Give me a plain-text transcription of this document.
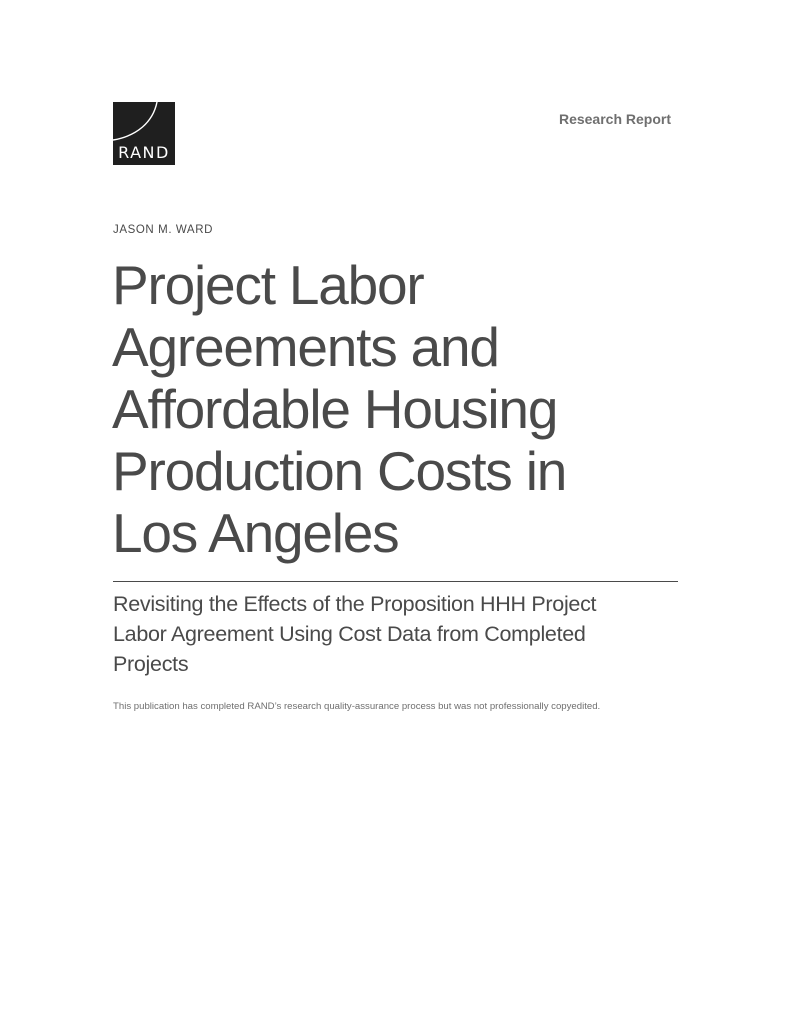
RAND
Research Report
JASON M. WARD
Project Labor
Agreements and
Affordable Housing
Production Costs in
Los Angeles
Revisiting the Effects of the Proposition HHH Project
Labor Agreement Using Cost Data from Completed
Projects
This publication has completed RAND’s research quality-assurance process but was not professionally copyedited.
